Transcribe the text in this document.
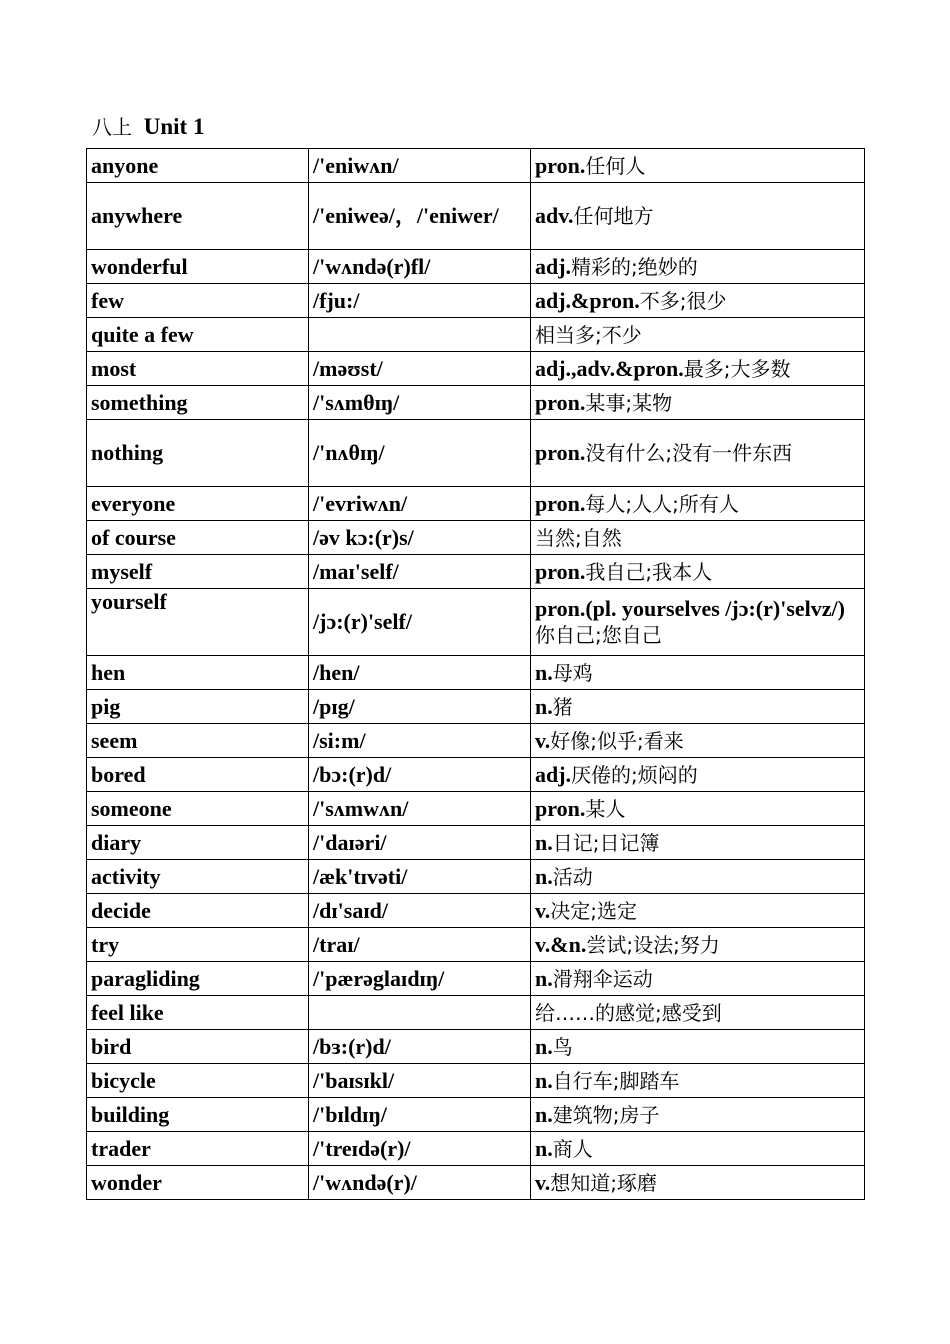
八上 Unit 1
anyone	/'eniwʌn/	pron.任何人
anywhere	/'eniweə/，/'eniwer/	adv.任何地方
wonderful	/'wʌndə(r)fl/	adj.精彩的;绝妙的
few	/fju:/	adj.&pron.不多;很少
quite a few		相当多;不少
most	/məʊst/	adj.,adv.&pron.最多;大多数
something	/'sʌmθɪŋ/	pron.某事;某物
nothing	/'nʌθɪŋ/	pron.没有什么;没有一件东西
everyone	/'evriwʌn/	pron.每人;人人;所有人
of course	/əv kɔ:(r)s/	当然;自然
myself	/maɪ'self/	pron.我自己;我本人
yourself	/jɔ:(r)'self/	pron.(pl. yourselves /jɔ:(r)'selvz/)你自己;您自己
hen	/hen/	n.母鸡
pig	/pɪg/	n.猪
seem	/si:m/	v.好像;似乎;看来
bored	/bɔ:(r)d/	adj.厌倦的;烦闷的
someone	/'sʌmwʌn/	pron.某人
diary	/'daɪəri/	n.日记;日记簿
activity	/æk'tɪvəti/	n.活动
decide	/dɪ'saɪd/	v.决定;选定
try	/traɪ/	v.&n.尝试;设法;努力
paragliding	/'pærəglaɪdɪŋ/	n.滑翔伞运动
feel like		给……的感觉;感受到
bird	/bɜ:(r)d/	n.鸟
bicycle	/'baɪsɪkl/	n.自行车;脚踏车
building	/'bɪldɪŋ/	n.建筑物;房子
trader	/'treɪdə(r)/	n.商人
wonder	/'wʌndə(r)/	v.想知道;琢磨
